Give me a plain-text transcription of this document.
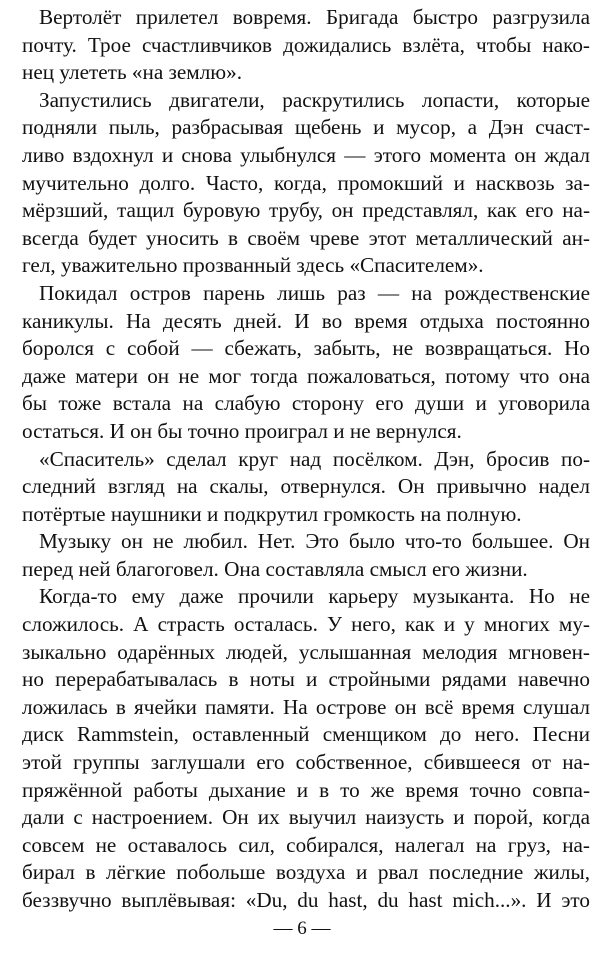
Вертолёт прилетел вовремя. Бригада быстро разгрузила
почту. Трое счастливчиков дожидались взлёта, чтобы нако-
нец улететь «на землю».
Запустились двигатели, раскрутились лопасти, которые
подняли пыль, разбрасывая щебень и мусор, а Дэн счаст-
ливо вздохнул и снова улыбнулся — этого момента он ждал
мучительно долго. Часто, когда, промокший и насквозь за-
мёрзший, тащил буровую трубу, он представлял, как его на-
всегда будет уносить в своём чреве этот металлический ан-
гел, уважительно прозванный здесь «Спасителем».
Покидал остров парень лишь раз — на рождественские
каникулы. На десять дней. И во время отдыха постоянно
боролся с собой — сбежать, забыть, не возвращаться. Но
даже матери он не мог тогда пожаловаться, потому что она
бы тоже встала на слабую сторону его души и уговорила
остаться. И он бы точно проиграл и не вернулся.
«Спаситель» сделал круг над посёлком. Дэн, бросив по-
следний взгляд на скалы, отвернулся. Он привычно надел
потёртые наушники и подкрутил громкость на полную.
Музыку он не любил. Нет. Это было что-то большее. Он
перед ней благоговел. Она составляла смысл его жизни.
Когда-то ему даже прочили карьеру музыканта. Но не
сложилось. А страсть осталась. У него, как и у многих му-
зыкально одарённых людей, услышанная мелодия мгновен-
но перерабатывалась в ноты и стройными рядами навечно
ложилась в ячейки памяти. На острове он всё время слушал
диск Rammstein, оставленный сменщиком до него. Песни
этой группы заглушали его собственное, сбившееся от на-
пряжённой работы дыхание и в то же время точно совпа-
дали с настроением. Он их выучил наизусть и порой, когда
совсем не оставалось сил, собирался, налегал на груз, на-
бирал в лёгкие побольше воздуха и рвал последние жилы,
беззвучно выплёвывая: «Du, du hast, du hast mich...». И это
— 6 —
